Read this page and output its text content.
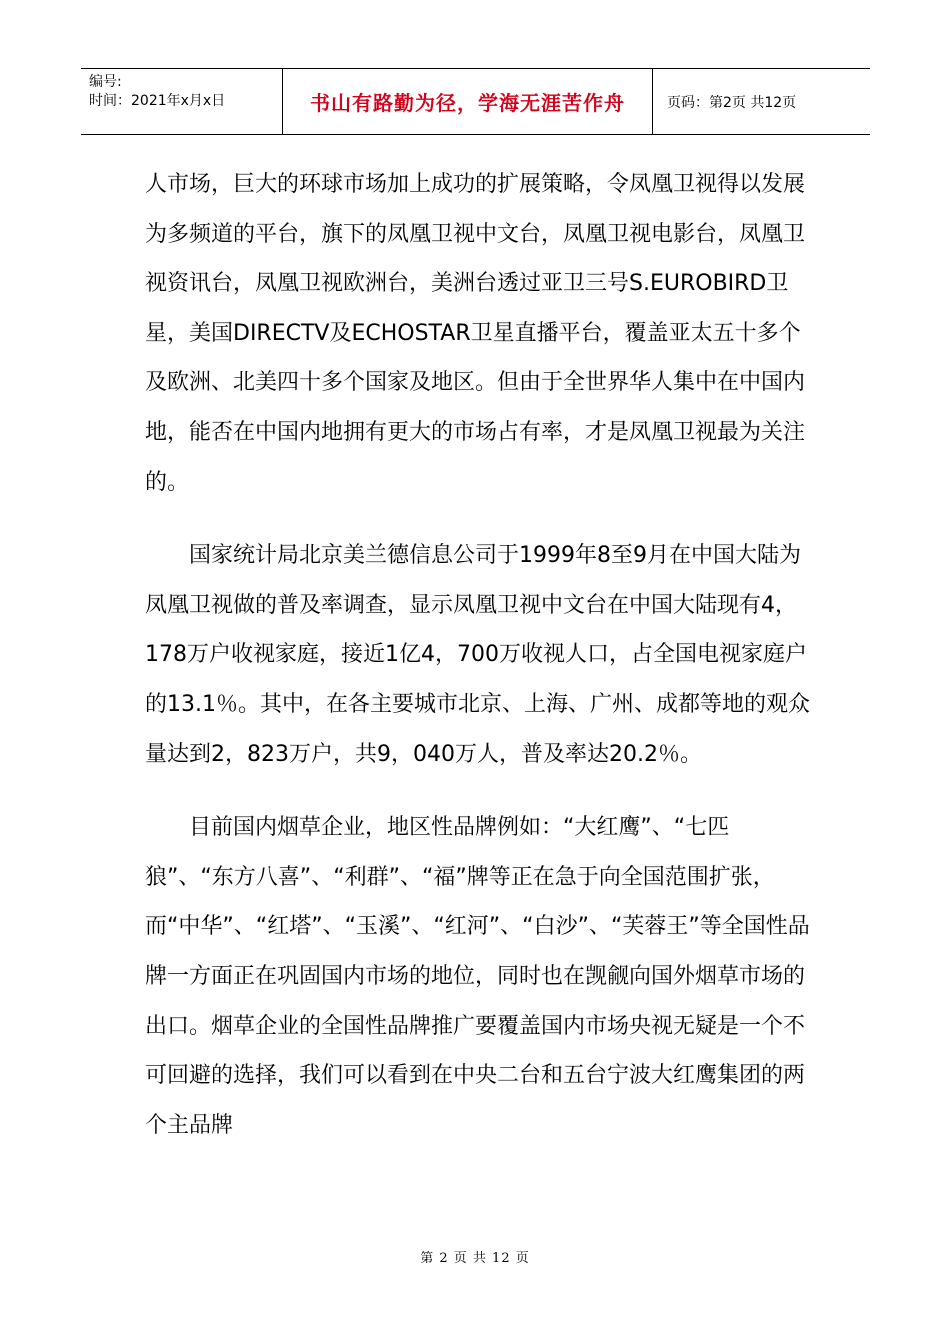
编号:
时间：2021年x月x日	书山有路勤为径，学海无涯苦作舟	页码：第2页 共12页

人市场，巨大的环球市场加上成功的扩展策略，令凤凰卫视得以发展为多频道的平台，旗下的凤凰卫视中文台，凤凰卫视电影台，凤凰卫视资讯台，凤凰卫视欧洲台，美洲台透过亚卫三号S.EUROBIRD卫星，美国DIRECTV及ECHOSTAR卫星直播平台，覆盖亚太五十多个及欧洲、北美四十多个国家及地区。但由于全世界华人集中在中国内地，能否在中国内地拥有更大的市场占有率，才是凤凰卫视最为关注的。

国家统计局北京美兰德信息公司于1999年8至9月在中国大陆为凤凰卫视做的普及率调查，显示凤凰卫视中文台在中国大陆现有4，178万户收视家庭，接近1亿4，700万收视人口，占全国电视家庭户的13.1％。其中，在各主要城市北京、上海、广州、成都等地的观众量达到2，823万户，共9，040万人，普及率达20.2％。

目前国内烟草企业，地区性品牌例如：“大红鹰”、“七匹狼”、“东方八喜”、“利群”、“福”牌等正在急于向全国范围扩张，而“中华”、“红塔”、“玉溪”、“红河”、“白沙”、“芙蓉王”等全国性品牌一方面正在巩固国内市场的地位，同时也在觊觎向国外烟草市场的出口。烟草企业的全国性品牌推广要覆盖国内市场央视无疑是一个不可回避的选择，我们可以看到在中央二台和五台宁波大红鹰集团的两个主品牌

第 2 页 共 12 页
